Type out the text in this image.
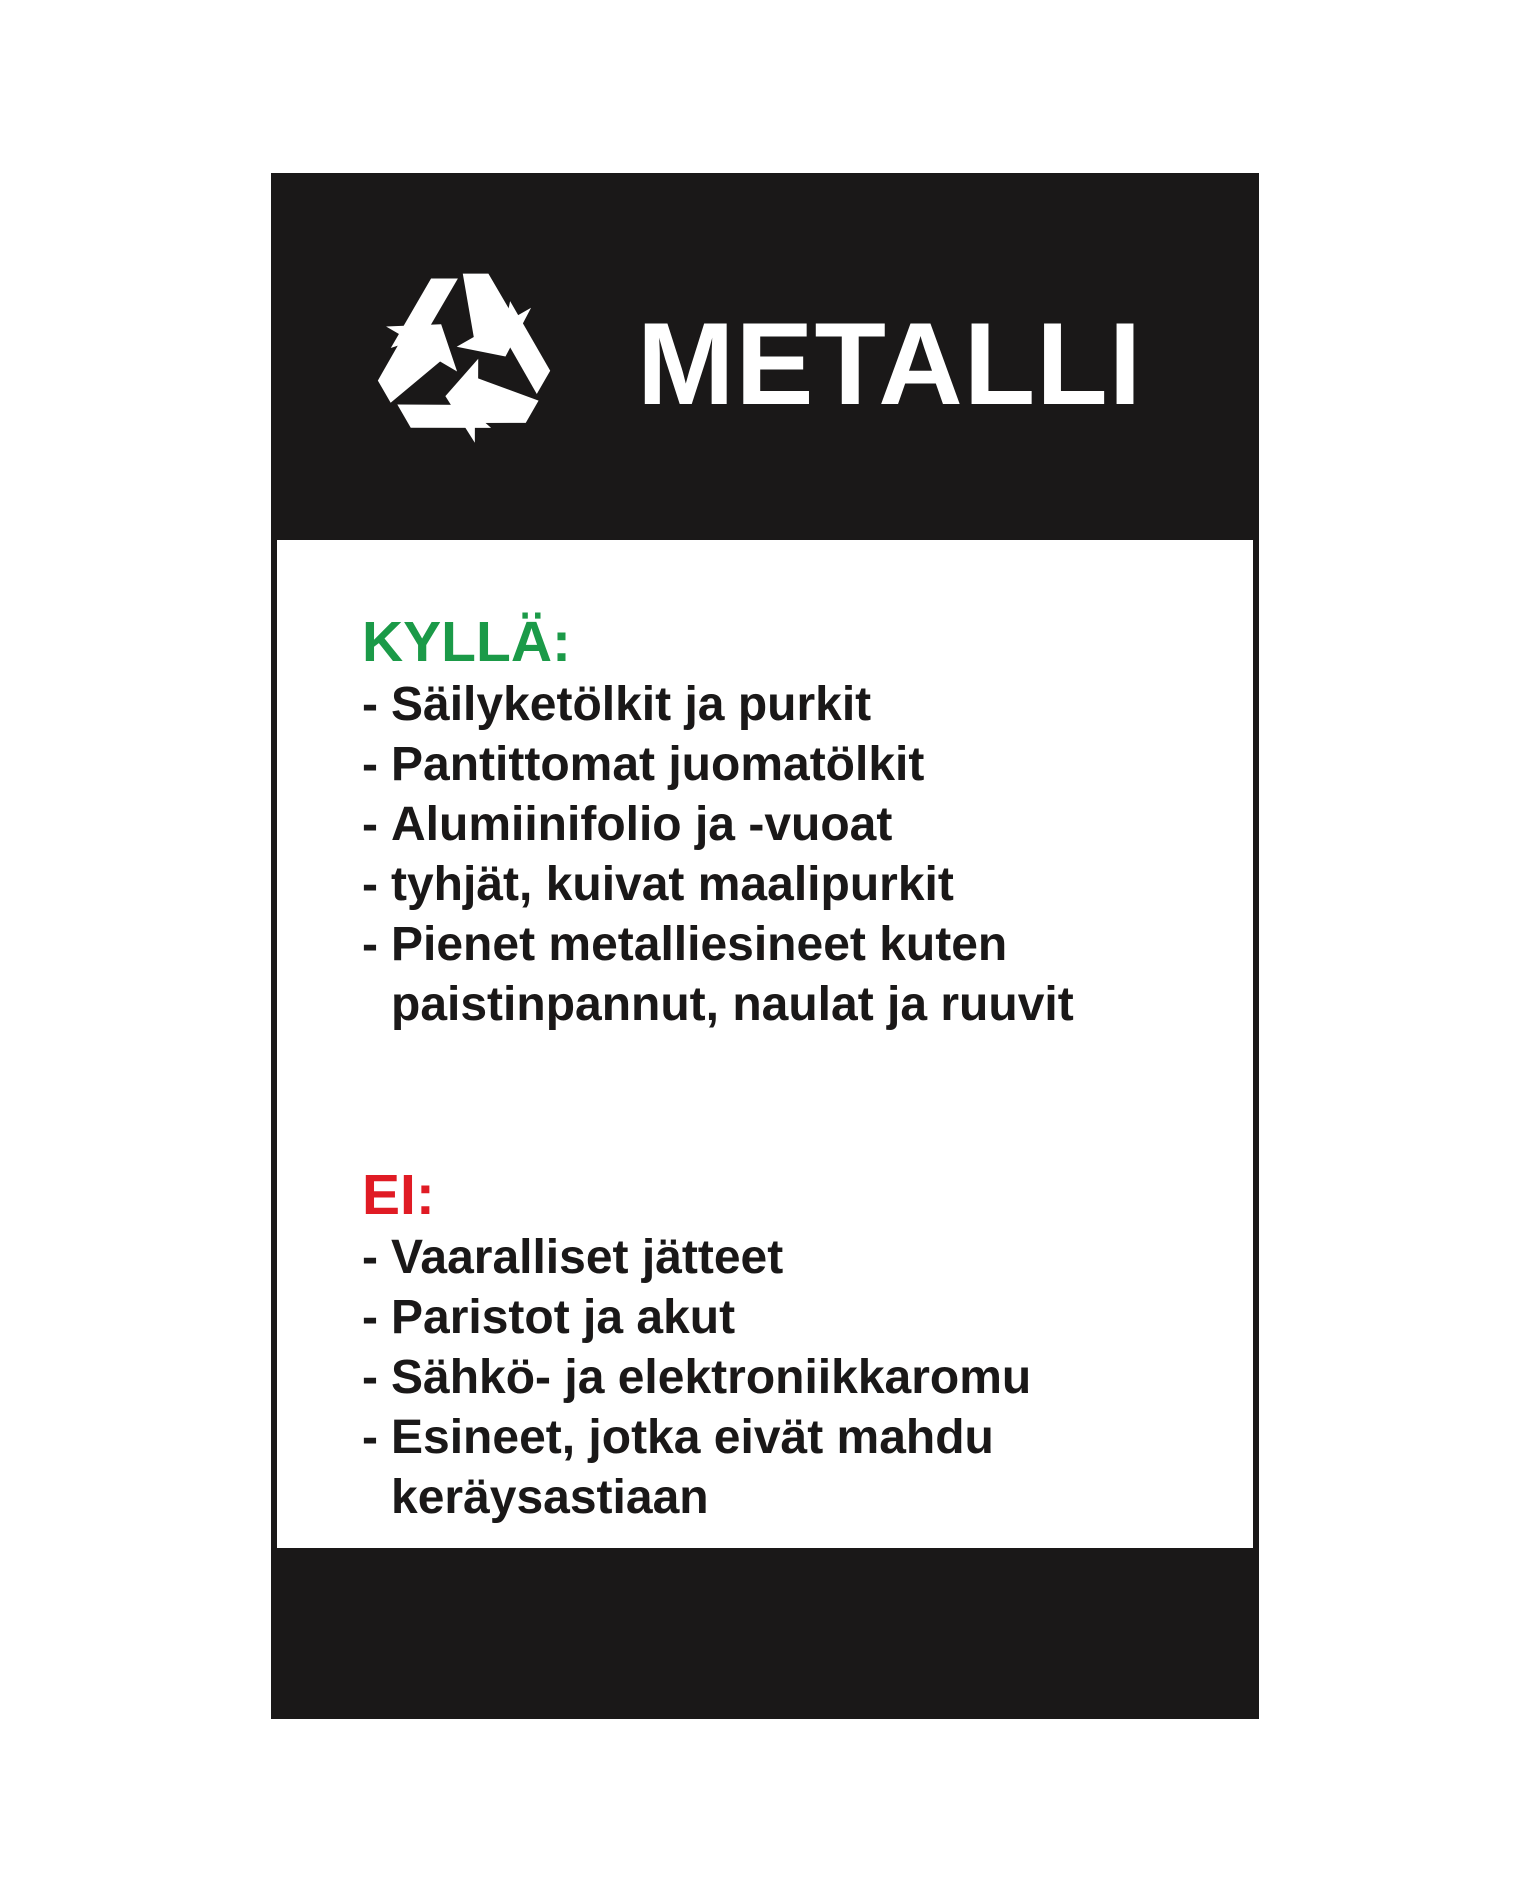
METALLI
KYLLÄ:
- Säilyketölkit ja purkit
- Pantittomat juomatölkit
- Alumiinifolio ja -vuoat
- tyhjät, kuivat maalipurkit
- Pienet metalliesineet kuten paistinpannut, naulat ja ruuvit
EI:
- Vaaralliset jätteet
- Paristot ja akut
- Sähkö- ja elektroniikkaromu
- Esineet, jotka eivät mahdu keräysastiaan
